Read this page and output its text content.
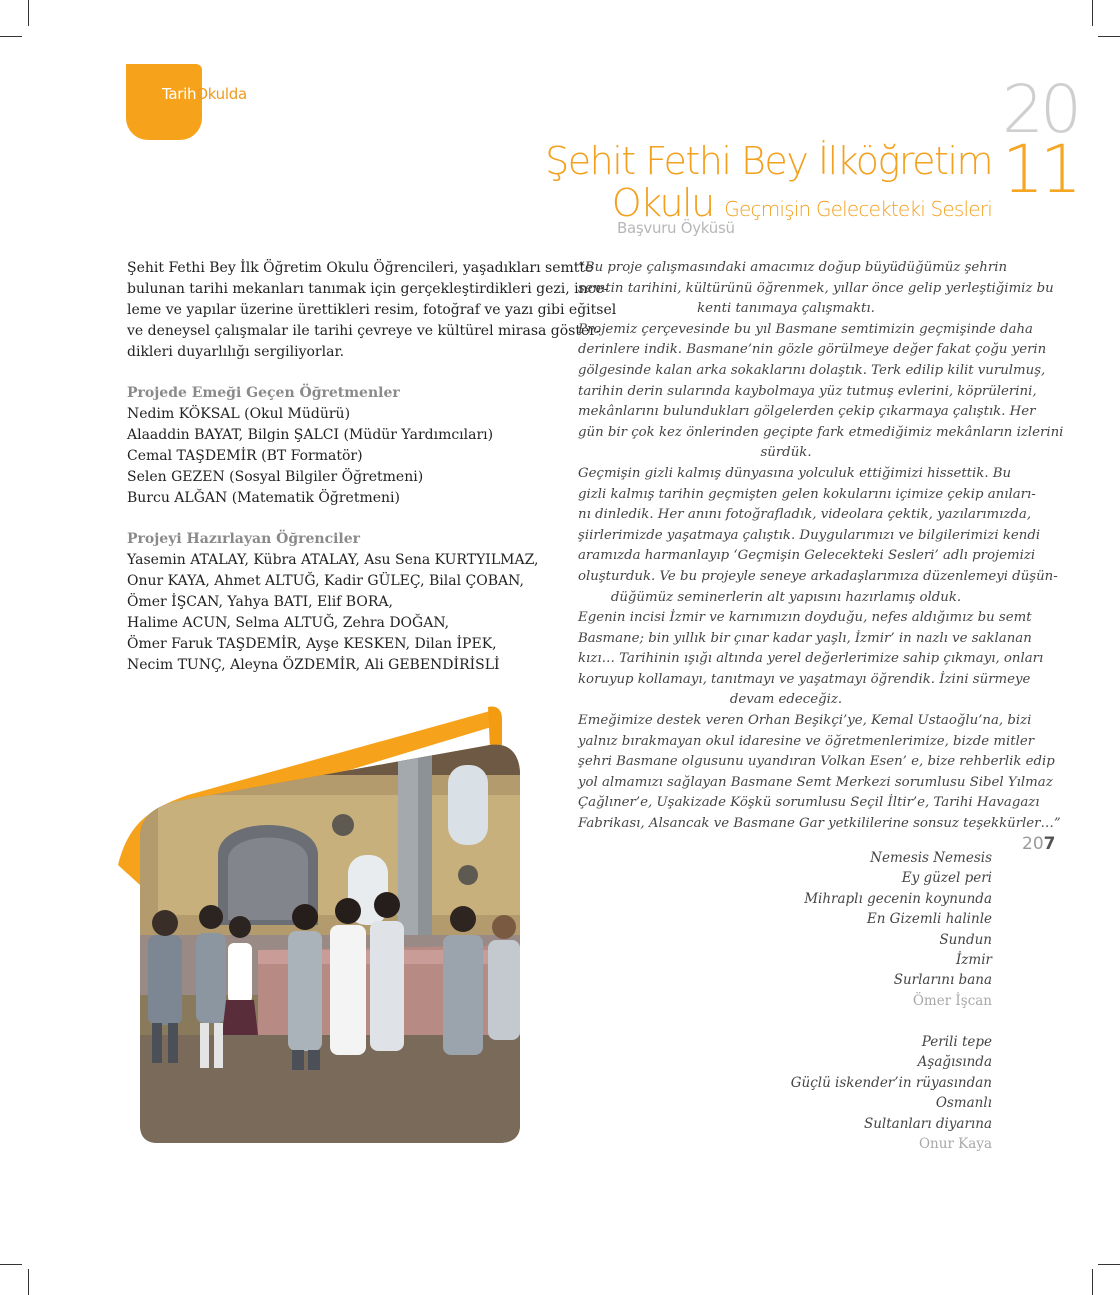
TarihOkulda	20
11
Şehit Fethi Bey İlköğretim
Okulu Geçmişin Gelecekteki Sesleri
Başvuru Öyküsü
Şehit Fethi Bey İlk Öğretim Okulu Öğrencileri, yaşadıkları semtte
bulunan tarihi mekanları tanımak için gerçekleştirdikleri gezi, ince-
leme ve yapılar üzerine ürettikleri resim, fotoğraf ve yazı gibi eğitsel
ve deneysel çalışmalar ile tarihi çevreye ve kültürel mirasa göster-
dikleri duyarlılığı sergiliyorlar.
Projede Emeği Geçen Öğretmenler
Nedim KÖKSAL (Okul Müdürü)
Alaaddin BAYAT, Bilgin ŞALCI (Müdür Yardımcıları)
Cemal TAŞDEMİR (BT Formatör)
Selen GEZEN (Sosyal Bilgiler Öğretmeni)
Burcu ALĞAN (Matematik Öğretmeni)
Projeyi Hazırlayan Öğrenciler
Yasemin ATALAY, Kübra ATALAY, Asu Sena KURTYILMAZ,
Onur KAYA, Ahmet ALTUĞ, Kadir GÜLEÇ, Bilal ÇOBAN,
Ömer İŞCAN, Yahya BATI, Elif BORA,
Halime ACUN, Selma ALTUĞ, Zehra DOĞAN,
Ömer Faruk TAŞDEMİR, Ayşe KESKEN, Dilan İPEK,
Necim TUNÇ, Aleyna ÖZDEMİR, Ali GEBENDİRİSLİ
“Bu proje çalışmasındaki amacımız doğup büyüdüğümüz şehrin
semtin tarihini, kültürünü öğrenmek, yıllar önce gelip yerleştiğimiz bu
kenti tanımaya çalışmaktı.
Projemiz çerçevesinde bu yıl Basmane semtimizin geçmişinde daha
derinlere indik. Basmane’nin gözle görülmeye değer fakat çoğu yerin
gölgesinde kalan arka sokaklarını dolaştık. Terk edilip kilit vurulmuş,
tarihin derin sularında kaybolmaya yüz tutmuş evlerini, köprülerini,
mekânlarını bulundukları gölgelerden çekip çıkarmaya çalıştık. Her
gün bir çok kez önlerinden geçipte fark etmediğimiz mekânların izlerini
sürdük.
Geçmişin gizli kalmış dünyasına yolculuk ettiğimizi hissettik. Bu
gizli kalmış tarihin geçmişten gelen kokularını içimize çekip anıları-
nı dinledik. Her anını fotoğrafladık, videolara çektik, yazılarımızda,
şiirlerimizde yaşatmaya çalıştık. Duygularımızı ve bilgilerimizi kendi
aramızda harmanlayıp ‘Geçmişin Gelecekteki Sesleri’ adlı projemizi
oluşturduk. Ve bu projeyle seneye arkadaşlarımıza düzenlemeyi düşün-
düğümüz seminerlerin alt yapısını hazırlamış olduk.
Egenin incisi İzmir ve karnımızın doyduğu, nefes aldığımız bu semt
Basmane; bin yıllık bir çınar kadar yaşlı, İzmir’ in nazlı ve saklanan
kızı… Tarihinin ışığı altında yerel değerlerimize sahip çıkmayı, onları
koruyup kollamayı, tanıtmayı ve yaşatmayı öğrendik. İzini sürmeye
devam edeceğiz.
Emeğimize destek veren Orhan Beşikçi’ye, Kemal Ustaoğlu’na, bizi
yalnız bırakmayan okul idaresine ve öğretmenlerimize, bizde mitler
şehri Basmane olgusunu uyandıran Volkan Esen’ e, bize rehberlik edip
yol almamızı sağlayan Basmane Semt Merkezi sorumlusu Sibel Yılmaz
Çağlıner’e, Uşakizade Köşkü sorumlusu Seçil İltir’e, Tarihi Havagazı
Fabrikası, Alsancak ve Basmane Gar yetkililerine sonsuz teşekkürler…”
207
Nemesis Nemesis
Ey güzel peri
Mihraplı gecenin koynunda
En Gizemli halinle
Sundun
İzmir
Surlarını bana
Ömer İşcan
Perili tepe
Aşağısında
Güçlü iskender’in rüyasından
Osmanlı
Sultanları diyarına
Onur Kaya
